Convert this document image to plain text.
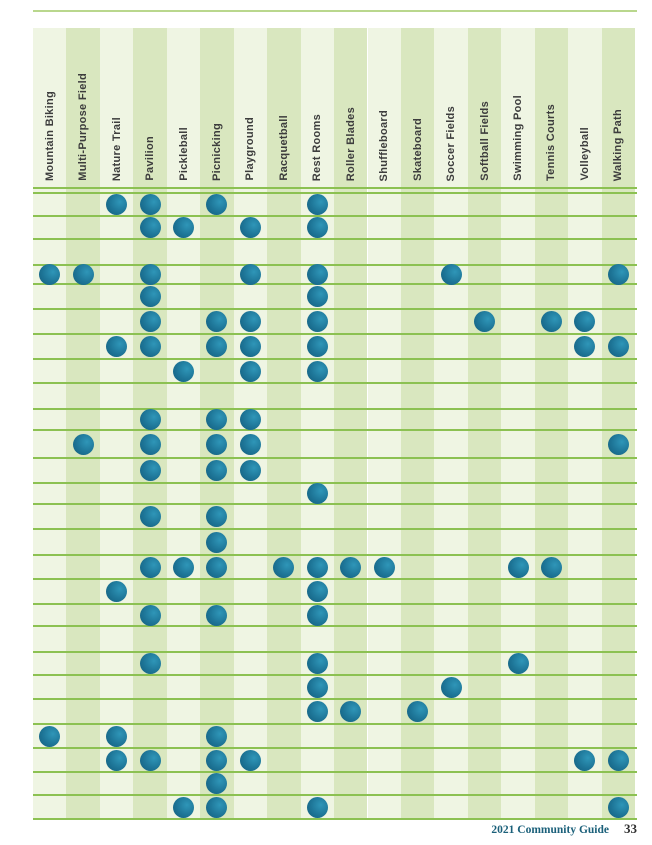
Mountain Biking Multi-Purpose Field Nature Trail Pavilion Pickleball Picnicking Playground Racquetball Rest Rooms Roller Blades Shuffleboard Skateboard Soccer Fields Softball Fields Swimming Pool Tennis Courts Volleyball Walking Path
2021 Community Guide 33
